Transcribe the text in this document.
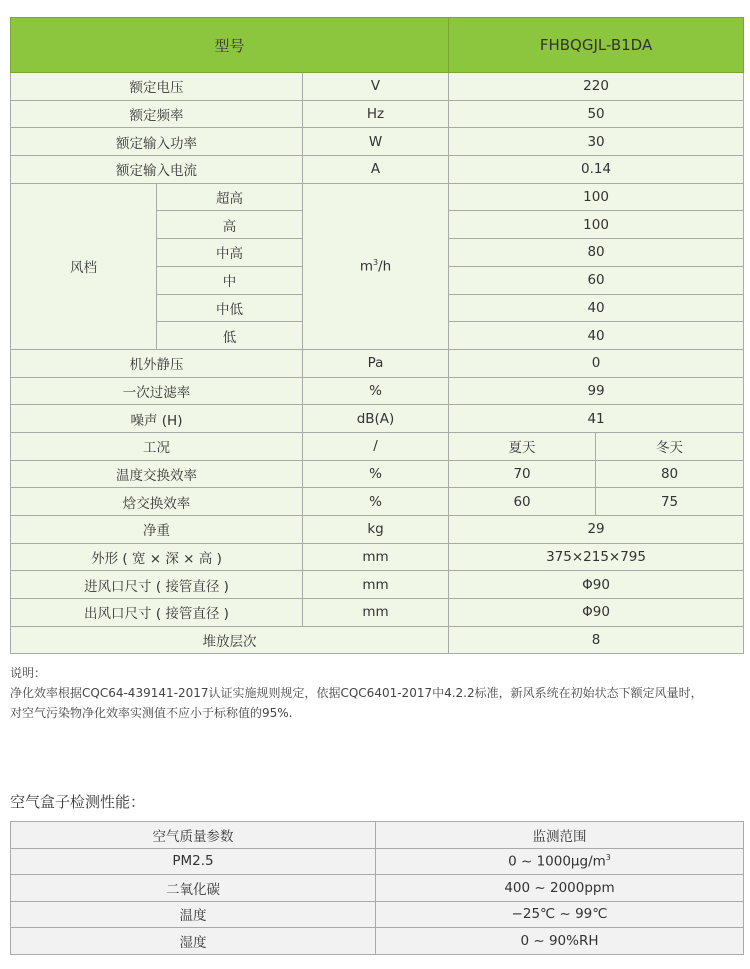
型号			FHBQGJL-B1DA	
额定电压		V	220	
额定频率		Hz	50	
额定输入功率		W	30	
额定输入电流		A	0.14	
风档	超高	$m^3/h$	100	
	高		100	
	中高		80	
	中		60	
	中低		40	
	低		40	
机外静压		Pa	0	
一次过滤率		%	99	
噪声 (H)		dB(A)	41	
工况		/	夏天	冬天
温度交换效率		%	70	80
焓交换效率		%	60	75
净重		kg	29	
外形 ( 宽 × 深 × 高 )		mm	375×215×795	
进风口尺寸 ( 接管直径 )		mm	Φ90	
出风口尺寸 ( 接管直径 )		mm	Φ90	
堆放层次			8	
说明：
净化效率根据CQC64-439141-2017认证实施规则规定，依据CQC6401-2017中4.2.2标准，新风系统在初始状态下额定风量时，
对空气污染物净化效率实测值不应小于标称值的95%.
空气盒子检测性能：
空气质量参数	监测范围
PM2.5	0 ~ $1000\mu g/m^3$
二氧化碳	400 ~ 2000ppm
温度	−25℃ ~ 99℃
湿度	0 ~ 90%RH
